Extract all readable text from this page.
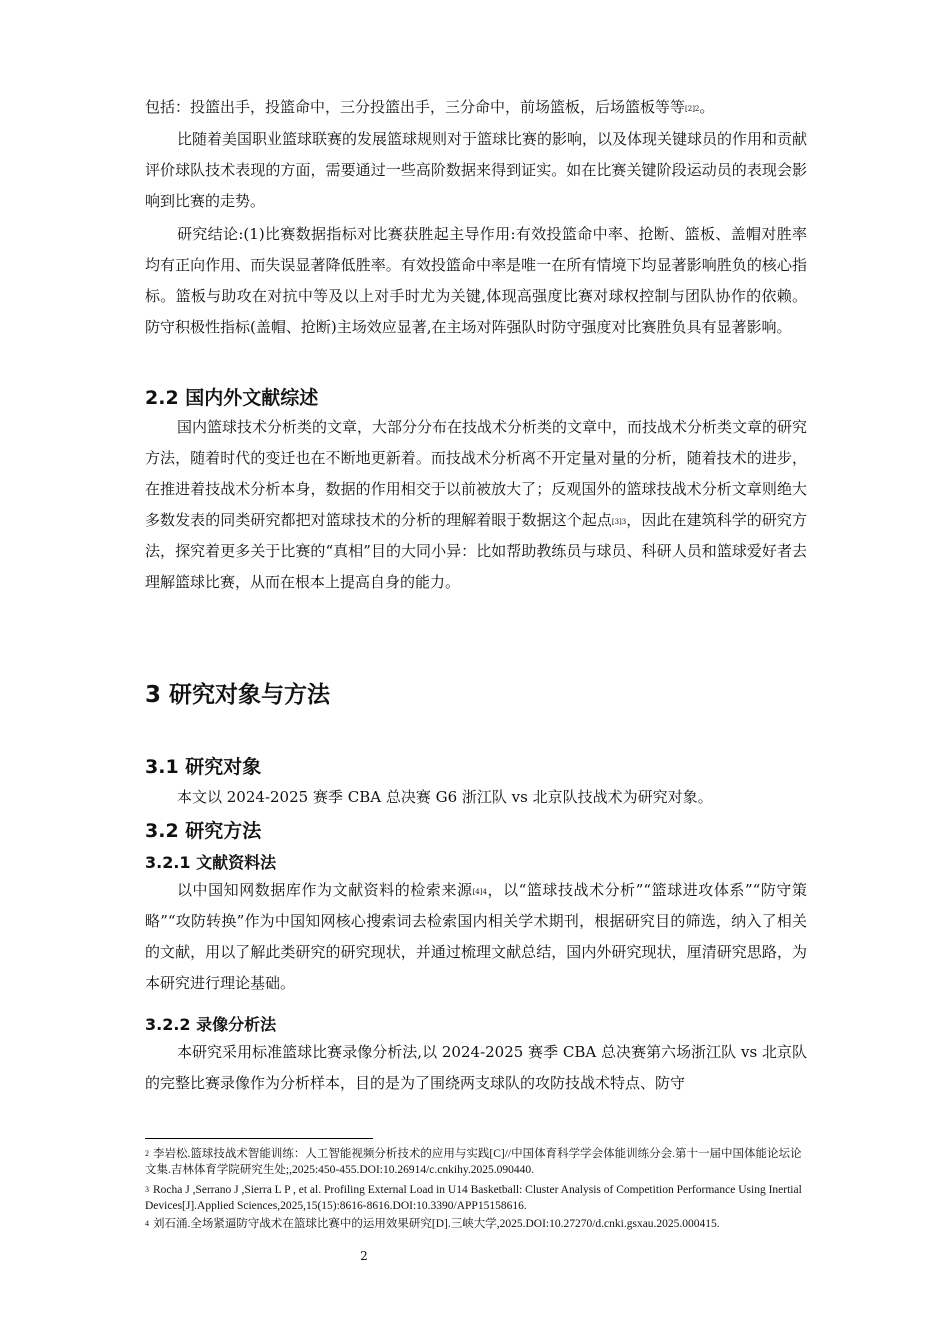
包括：投篮出手，投篮命中，三分投篮出手，三分命中，前场篮板，后场篮板等等$^{[2]2}$。

比随着美国职业篮球联赛的发展篮球规则对于篮球比赛的影响，以及体现关键球员的作用和贡献评价球队技术表现的方面，需要通过一些高阶数据来得到证实。如在比赛关键阶段运动员的表现会影响到比赛的走势。

研究结论:(1)比赛数据指标对比赛获胜起主导作用:有效投篮命中率、抢断、篮板、盖帽对胜率均有正向作用、而失误显著降低胜率。有效投篮命中率是唯一在所有情境下均显著影响胜负的核心指标。篮板与助攻在对抗中等及以上对手时尤为关键,体现高强度比赛对球权控制与团队协作的依赖。防守积极性指标(盖帽、抢断)主场效应显著,在主场对阵强队时防守强度对比赛胜负具有显著影响。

2.2 国内外文献综述

国内篮球技术分析类的文章，大部分分布在技战术分析类的文章中，而技战术分析类文章的研究方法，随着时代的变迁也在不断地更新着。而技战术分析离不开定量对量的分析，随着技术的进步，在推进着技战术分析本身，数据的作用相交于以前被放大了；反观国外的篮球技战术分析文章则绝大多数发表的同类研究都把对篮球技术的分析的理解着眼于数据这个起点$^{[3]3}$，因此在建筑科学的研究方法，探究着更多关于比赛的“真相”目的大同小异：比如帮助教练员与球员、科研人员和篮球爱好者去理解篮球比赛，从而在根本上提高自身的能力。

3 研究对象与方法
3.1 研究对象

本文以 2024-2025 赛季 CBA 总决赛 G6 浙江队 vs 北京队技战术为研究对象。

3.2 研究方法
3.2.1 文献资料法

以中国知网数据库作为文献资料的检索来源$^{[4]4}$，以“篮球技战术分析”“篮球进攻体系”“防守策略”“攻防转换”作为中国知网核心搜索词去检索国内相关学术期刊，根据研究目的筛选，纳入了相关的文献，用以了解此类研究的研究现状，并通过梳理文献总结，国内外研究现状，厘清研究思路，为本研究进行理论基础。

3.2.2 录像分析法

本研究采用标准篮球比赛录像分析法,以 2024-2025 赛季 CBA 总决赛第六场浙江队 vs 北京队的完整比赛录像作为分析样本，目的是为了围绕两支球队的攻防技战术特点、防守

$^2$ 李岩松.篮球技战术智能训练：人工智能视频分析技术的应用与实践[C]//中国体育科学学会体能训练分会.第十一届中国体能论坛论文集.吉林体育学院研究生处;,2025:450-455.DOI:10.26914/c.cnkihy.2025.090440.

$^3$ Rocha J ,Serrano J ,Sierra L P , et al. Profiling External Load in U14 Basketball: Cluster Analysis of Competition Performance Using Inertial Devices[J].Applied Sciences,2025,15(15):8616-8616.DOI:10.3390/APP15158616.

$^4$ 刘石涌.全场紧逼防守战术在篮球比赛中的运用效果研究[D].三峡大学,2025.DOI:10.27270/d.cnki.gsxau.2025.000415.

2
